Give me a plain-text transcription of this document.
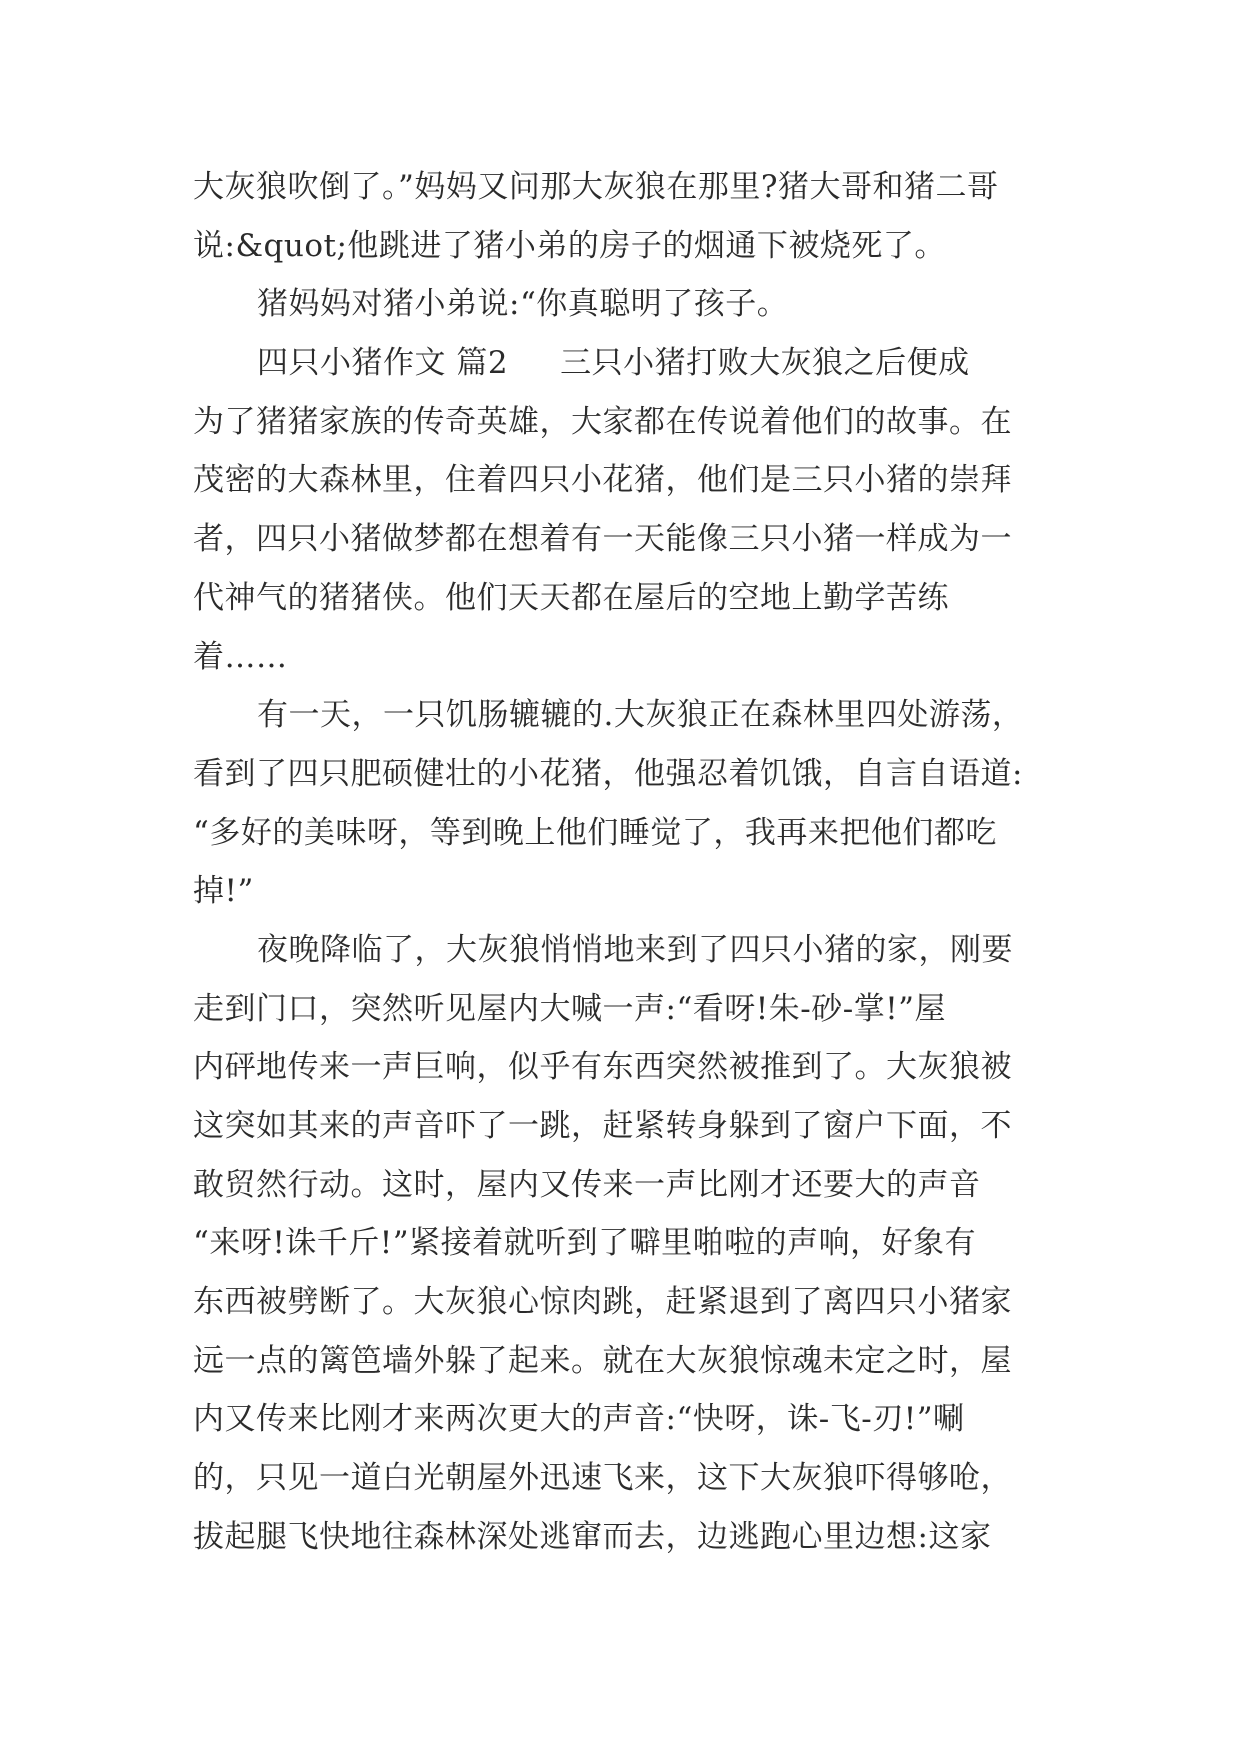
大灰狼吹倒了。”妈妈又问那大灰狼在那里?猪大哥和猪二哥
说:&quot;他跳进了猪小弟的房子的烟通下被烧死了。
猪妈妈对猪小弟说:“你真聪明了孩子。
四只小猪作文 篇2 三只小猪打败大灰狼之后便成
为了猪猪家族的传奇英雄，大家都在传说着他们的故事。在
茂密的大森林里，住着四只小花猪，他们是三只小猪的崇拜
者，四只小猪做梦都在想着有一天能像三只小猪一样成为一
代神气的猪猪侠。他们天天都在屋后的空地上勤学苦练
着……
有一天，一只饥肠辘辘的.大灰狼正在森林里四处游荡，
看到了四只肥硕健壮的小花猪，他强忍着饥饿，自言自语道:
“多好的美味呀，等到晚上他们睡觉了，我再来把他们都吃
掉!”
夜晚降临了，大灰狼悄悄地来到了四只小猪的家，刚要
走到门口，突然听见屋内大喊一声:“看呀!朱-砂-掌!”屋
内砰地传来一声巨响，似乎有东西突然被推到了。大灰狼被
这突如其来的声音吓了一跳，赶紧转身躲到了窗户下面，不
敢贸然行动。这时，屋内又传来一声比刚才还要大的声音
“来呀!诛千斤!”紧接着就听到了噼里啪啦的声响，好象有
东西被劈断了。大灰狼心惊肉跳，赶紧退到了离四只小猪家
远一点的篱笆墙外躲了起来。就在大灰狼惊魂未定之时，屋
内又传来比刚才来两次更大的声音:“快呀，诛-飞-刃!”唰
的，只见一道白光朝屋外迅速飞来，这下大灰狼吓得够呛，
拔起腿飞快地往森林深处逃窜而去，边逃跑心里边想:这家
